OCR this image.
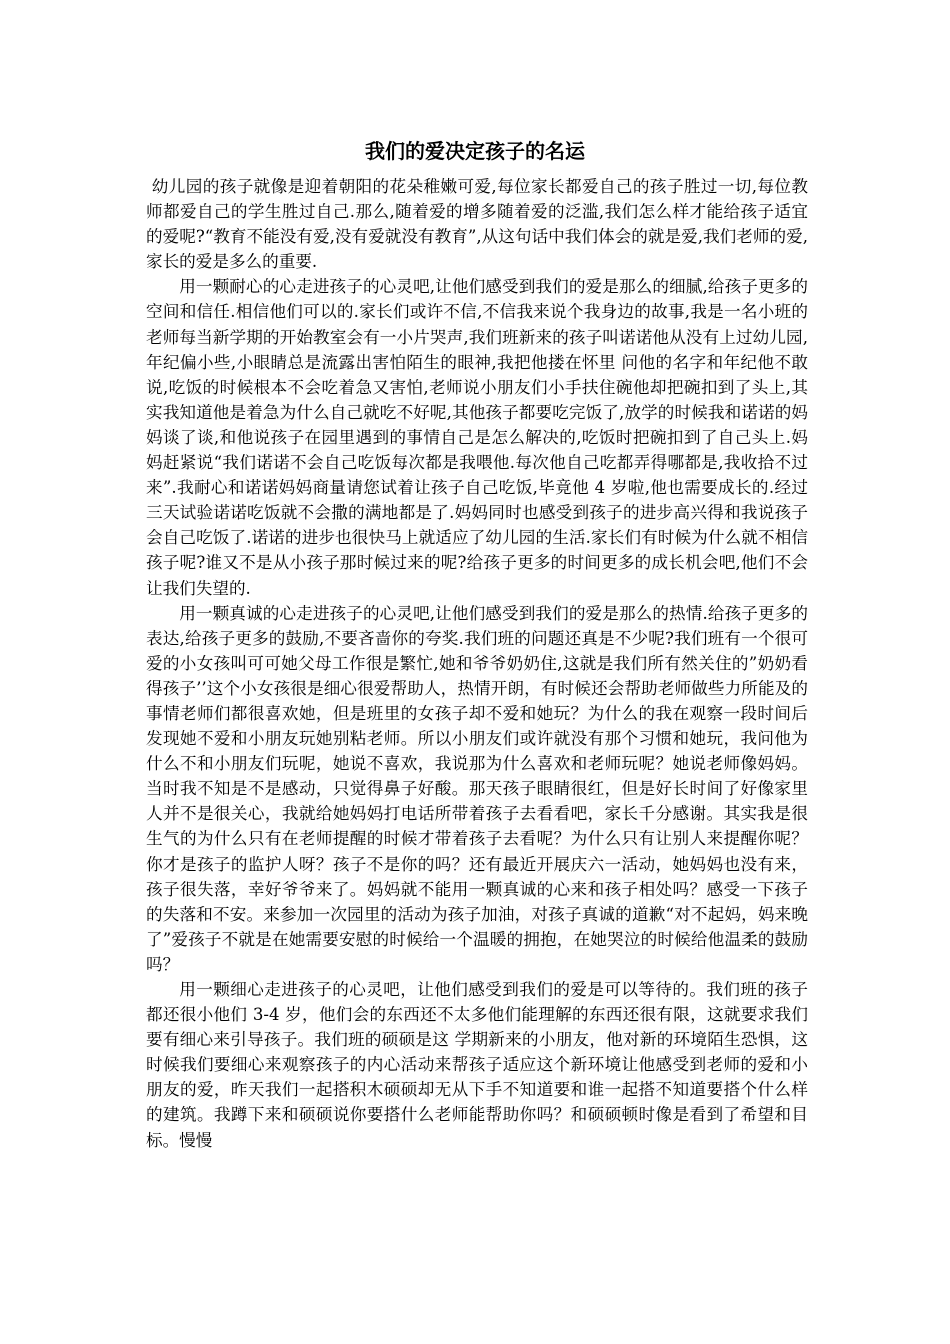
我们的爱决定孩子的名运

幼儿园的孩子就像是迎着朝阳的花朵稚嫩可爱,每位家长都爱自己的孩子胜过一切,每位教师都爱自己的学生胜过自己.那么,随着爱的增多随着爱的泛滥,我们怎么样才能给孩子适宜的爱呢?“教育不能没有爱,没有爱就没有教育”,从这句话中我们体会的就是爱,我们老师的爱,家长的爱是多么的重要.

用一颗耐心的心走进孩子的心灵吧,让他们感受到我们的爱是那么的细腻,给孩子更多的空间和信任.相信他们可以的.家长们或许不信,不信我来说个我身边的故事,我是一名小班的老师每当新学期的开始教室会有一小片哭声,我们班新来的孩子叫诺诺他从没有上过幼儿园,年纪偏小些,小眼睛总是流露出害怕陌生的眼神,我把他搂在怀里 问他的名字和年纪他不敢说,吃饭的时候根本不会吃着急又害怕,老师说小朋友们小手扶住碗他却把碗扣到了头上,其实我知道他是着急为什么自己就吃不好呢,其他孩子都要吃完饭了,放学的时候我和诺诺的妈妈谈了谈,和他说孩子在园里遇到的事情自己是怎么解决的,吃饭时把碗扣到了自己头上.妈妈赶紧说“我们诺诺不会自己吃饭每次都是我喂他.每次他自己吃都弄得哪都是,我收拾不过来”.我耐心和诺诺妈妈商量请您试着让孩子自己吃饭,毕竟他 4 岁啦,他也需要成长的.经过三天试验诺诺吃饭就不会撒的满地都是了.妈妈同时也感受到孩子的进步高兴得和我说孩子会自己吃饭了.诺诺的进步也很快马上就适应了幼儿园的生活.家长们有时候为什么就不相信孩子呢?谁又不是从小孩子那时候过来的呢?给孩子更多的时间更多的成长机会吧,他们不会让我们失望的.

用一颗真诚的心走进孩子的心灵吧,让他们感受到我们的爱是那么的热情.给孩子更多的表达,给孩子更多的鼓励,不要吝啬你的夸奖.我们班的问题还真是不少呢?我们班有一个很可爱的小女孩叫可可她父母工作很是繁忙,她和爷爷奶奶住,这就是我们所有然关住的”奶奶看得孩子’’这个小女孩很是细心很爱帮助人，热情开朗，有时候还会帮助老师做些力所能及的事情老师们都很喜欢她，但是班里的女孩子却不爱和她玩？为什么的我在观察一段时间后发现她不爱和小朋友玩她别粘老师。所以小朋友们或许就没有那个习惯和她玩，我问他为什么不和小朋友们玩呢，她说不喜欢，我说那为什么喜欢和老师玩呢？她说老师像妈妈。当时我不知是不是感动，只觉得鼻子好酸。那天孩子眼睛很红，但是好长时间了好像家里人并不是很关心，我就给她妈妈打电话所带着孩子去看看吧，家长千分感谢。其实我是很生气的为什么只有在老师提醒的时候才带着孩子去看呢？为什么只有让别人来提醒你呢？你才是孩子的监护人呀？孩子不是你的吗？还有最近开展庆六一活动，她妈妈也没有来，孩子很失落，幸好爷爷来了。妈妈就不能用一颗真诚的心来和孩子相处吗？感受一下孩子的失落和不安。来参加一次园里的活动为孩子加油，对孩子真诚的道歉“对不起妈，妈来晚了”爱孩子不就是在她需要安慰的时候给一个温暖的拥抱，在她哭泣的时候给他温柔的鼓励吗？

用一颗细心走进孩子的心灵吧，让他们感受到我们的爱是可以等待的。我们班的孩子都还很小他们 3-4 岁，他们会的东西还不太多他们能理解的东西还很有限，这就要求我们要有细心来引导孩子。我们班的硕硕是这 学期新来的小朋友，他对新的环境陌生恐惧，这时候我们要细心来观察孩子的内心活动来帮孩子适应这个新环境让他感受到老师的爱和小朋友的爱，昨天我们一起搭积木硕硕却无从下手不知道要和谁一起搭不知道要搭个什么样的建筑。我蹲下来和硕硕说你要搭什么老师能帮助你吗？和硕硕顿时像是看到了希望和目标。慢慢
